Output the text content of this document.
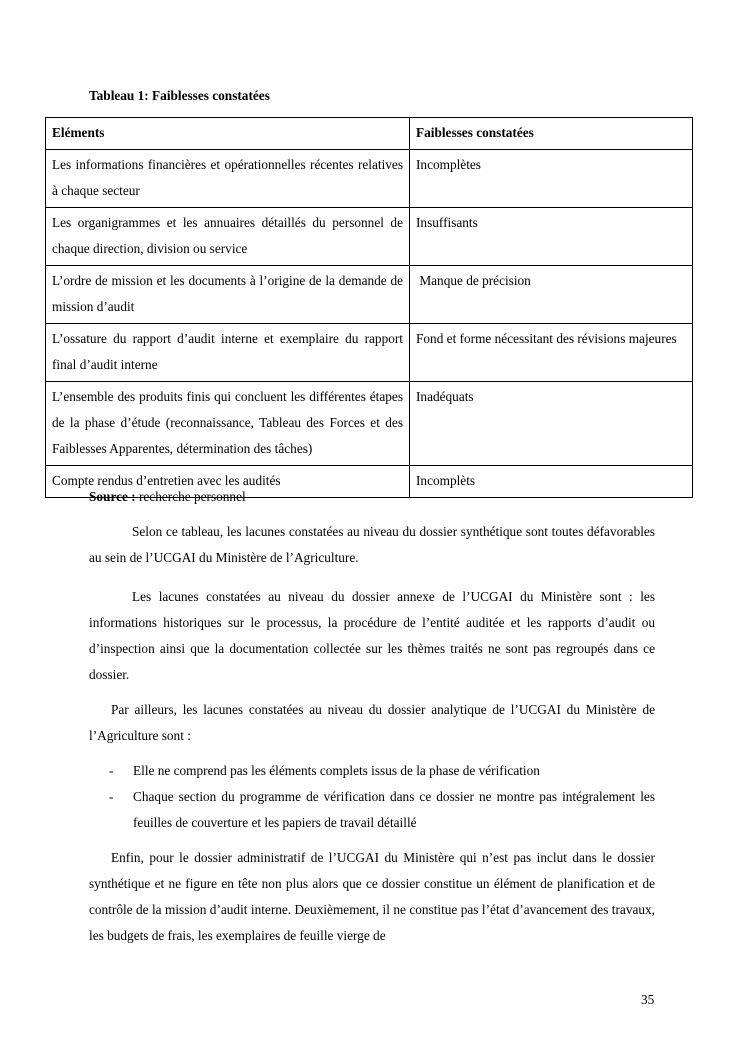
Tableau 1: Faiblesses constatées
Eléments	Faiblesses constatées
Les informations financières et opérationnelles récentes relatives à chaque secteur	Incomplètes
Les organigrammes et les annuaires détaillés du personnel de chaque direction, division ou service	Insuffisants
L’ordre de mission et les documents à l’origine de la demande de mission d’audit	Manque de précision
L’ossature du rapport d’audit interne et exemplaire du rapport final d’audit interne	Fond et forme nécessitant des révisions majeures
L’ensemble des produits finis qui concluent les différentes étapes de la phase d’étude (reconnaissance, Tableau des Forces et des Faiblesses Apparentes, détermination des tâches)	Inadéquats
Compte rendus d’entretien avec les audités	Incomplèts
Source : recherche personnel

Selon ce tableau, les lacunes constatées au niveau du dossier synthétique sont toutes défavorables au sein de l’UCGAI du Ministère de l’Agriculture.

Les lacunes constatées au niveau du dossier annexe de l’UCGAI du Ministère sont : les informations historiques sur le processus, la procédure de l’entité auditée et les rapports d’audit ou d’inspection ainsi que la documentation collectée sur les thèmes traités ne sont pas regroupés dans ce dossier.

Par ailleurs, les lacunes constatées au niveau du dossier analytique de l’UCGAI du Ministère de l’Agriculture sont :

- Elle ne comprend pas les éléments complets issus de la phase de vérification
- Chaque section du programme de vérification dans ce dossier ne montre pas intégralement les feuilles de couverture et les papiers de travail détaillé

Enfin, pour le dossier administratif de l’UCGAI du Ministère qui n’est pas inclut dans le dossier synthétique et ne figure en tête non plus alors que ce dossier constitue un élément de planification et de contrôle de la mission d’audit interne. Deuxièmement, il ne constitue pas l’état d’avancement des travaux, les budgets de frais, les exemplaires de feuille vierge de

35
